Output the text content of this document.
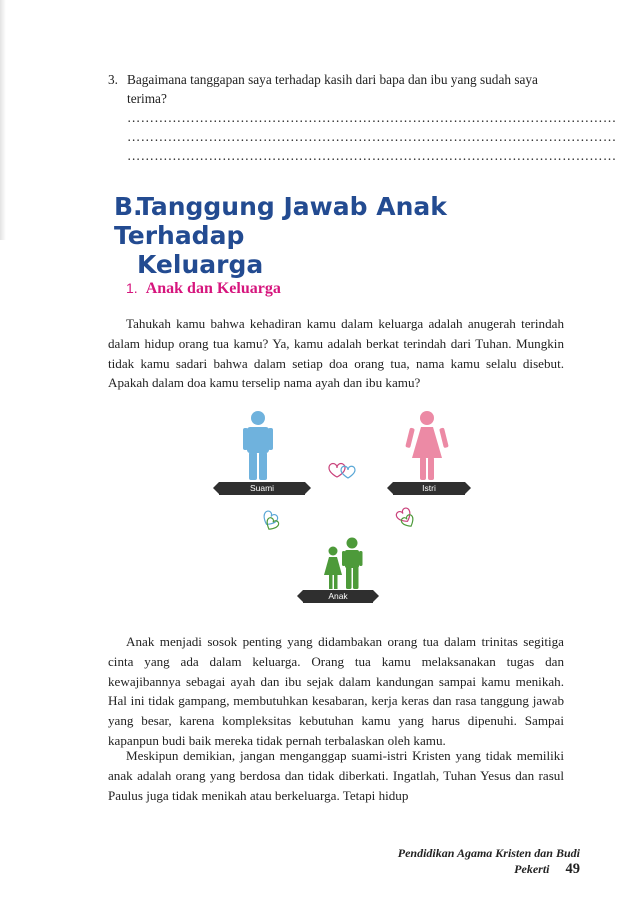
3. Bagaimana tanggapan saya terhadap kasih dari bapa dan ibu yang sudah saya terima?
………………………………………………………………………………………………
………………………………………………………………………………………………
………………………………………………………………………………………………
B.Tanggung Jawab Anak Terhadap
Keluarga
1. Anak dan Keluarga

Tahukah kamu bahwa kehadiran kamu dalam keluarga adalah anugerah terindah dalam hidup orang tua kamu? Ya, kamu adalah berkat terindah dari Tuhan. Mungkin tidak kamu sadari bahwa dalam setiap doa orang tua, nama kamu selalu disebut. Apakah dalam doa kamu terselip nama ayah dan ibu kamu?

Suami	Istri
Anak

Anak menjadi sosok penting yang didambakan orang tua dalam trinitas segitiga cinta yang ada dalam keluarga. Orang tua kamu melaksanakan tugas dan kewajibannya sebagai ayah dan ibu sejak dalam kandungan sampai kamu menikah. Hal ini tidak gampang, membutuhkan kesabaran, kerja keras dan rasa tanggung jawab yang besar, karena kompleksitas kebutuhan kamu yang harus dipenuhi. Sampai kapanpun budi baik mereka tidak pernah terbalaskan oleh kamu.

Meskipun demikian, jangan menganggap suami-istri Kristen yang tidak memiliki anak adalah orang yang berdosa dan tidak diberkati. Ingatlah, Tuhan Yesus dan rasul Paulus juga tidak menikah atau berkeluarga. Tetapi hidup

Pendidikan Agama Kristen dan Budi Pekerti 49
